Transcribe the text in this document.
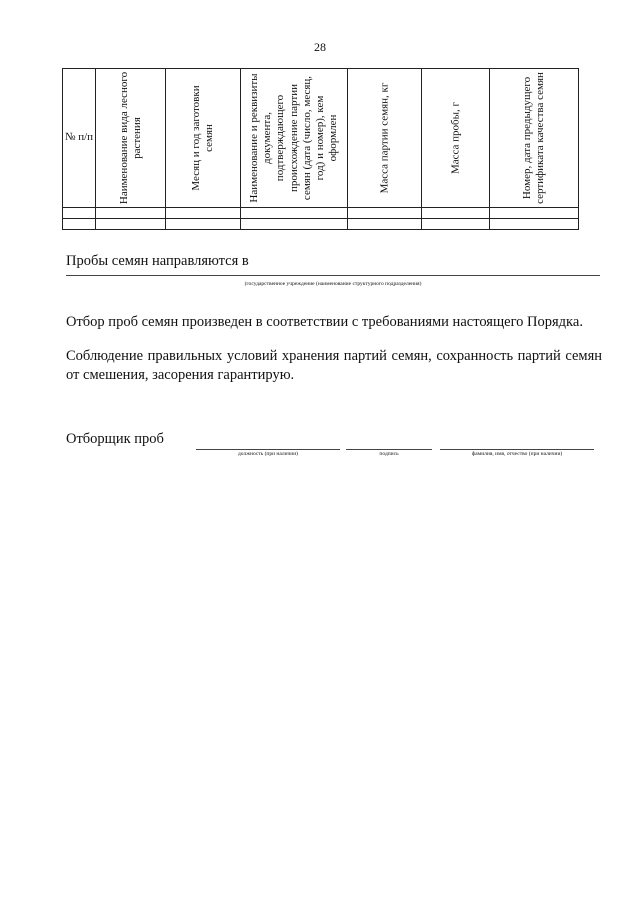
28
№ п/п	Наименование вида лесного растения	Месяц и год заготовки семян	Наименование и реквизиты документа, подтверждающего происхождение партии семян (дата (число, месяц, год) и номер), кем оформлен	Масса партии семян, кг	Масса пробы, г	Номер, дата предыдущего сертификата качества семян

Пробы семян направляются в
(государственное учреждение (наименование структурного подразделения)
Отбор проб семян произведен в соответствии с требованиями настоящего Порядка.
Соблюдение правильных условий хранения партий семян, сохранность партий семян от смешения, засорения гарантирую.
Отборщик проб
должность (при наличии)	подпись	фамилия, имя, отчество (при наличии)
